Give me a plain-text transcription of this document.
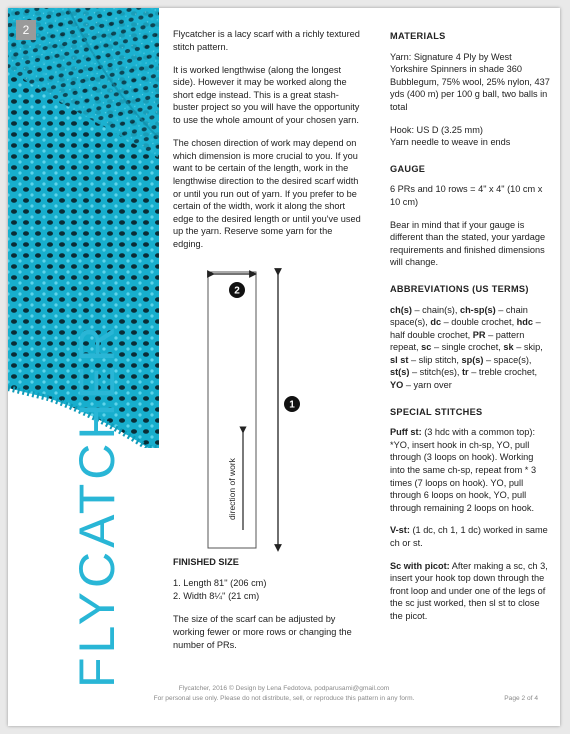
2
FLYCATCHER

Flycatcher is a lacy scarf with a richly textured stitch pattern.

It is worked lengthwise (along the longest side). However it may be worked along the short edge instead. This is a great stash-buster project so you will have the opportunity to use the whole amount of your chosen yarn.

The chosen direction of work may depend on which dimension is more crucial to you. If you want to be certain of the length, work in the lengthwise direction to the desired scarf width or until you run out of yarn. If you prefer to be certain of the width, work it along the short edge to the desired length or until you've used up the yarn. Reserve some yarn for the edging.

2
1
direction of work
FINISHED SIZE
1. Length 81'' (206 cm)
2. Width 8¼'' (21 cm)

The size of the scarf can be adjusted by working fewer or more rows or changing the number of PRs.

MATERIALS

Yarn: Signature 4 Ply by West Yorkshire Spinners in shade 360 Bubblegum, 75% wool, 25% nylon, 437 yds (400 m) per 100 g ball, two balls in total

Hook: US D (3.25 mm)

Yarn needle to weave in ends

GAUGE

6 PRs and 10 rows = 4" x 4" (10 cm x 10 cm)

Bear in mind that if your gauge is different than the stated, your yardage requirements and finished dimensions will change.

ABBREVIATIONS (US TERMS)

ch(s) – chain(s), ch-sp(s) – chain space(s), dc – double crochet, hdc – half double crochet, PR – pattern repeat, sc – single crochet, sk – skip, sl st – slip stitch, sp(s) – space(s), st(s) – stitch(es), tr – treble crochet, YO – yarn over

SPECIAL STITCHES

Puff st: (3 hdc with a common top): *YO, insert hook in ch-sp, YO, pull through (3 loops on hook). Working into the same ch-sp, repeat from * 3 times (7 loops on hook). YO, pull through 6 loops on hook, YO, pull through remaining 2 loops on hook.

V-st: (1 dc, ch 1, 1 dc) worked in same ch or st.

Sc with picot: After making a sc, ch 3, insert your hook top down through the front loop and under one of the legs of the sc just worked, then sl st to close the picot.

Flycatcher, 2016 © Design by Lena Fedotova, podparusami@gmail.com
For personal use only. Please do not distribute, sell, or reproduce this pattern in any form.	Page 2 of 4
